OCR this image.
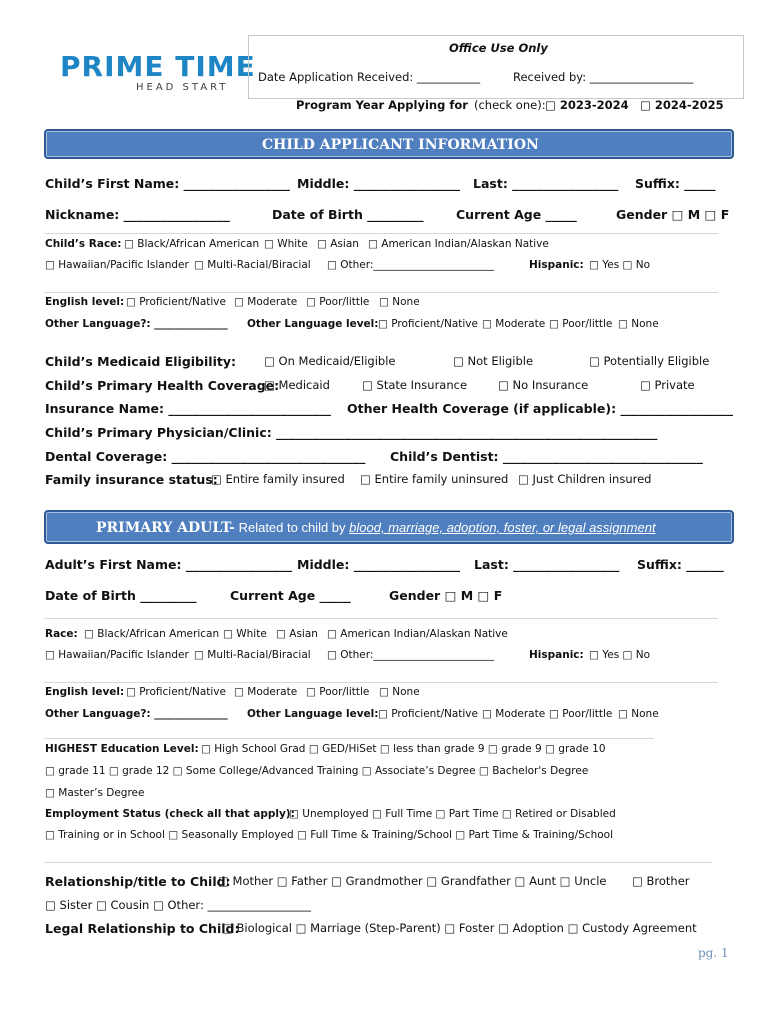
PRIME TIME
HEAD START
Office Use Only
Date Application Received: ___________	Received by: __________________
Program Year Applying for (check one): □ 2023-2024 □ 2024-2025
CHILD APPLICANT INFORMATION
Child’s First Name: _________________ Middle: _________________ Last: _________________ Suffix: _____
Nickname: _________________	Date of Birth _________	Current Age _____	Gender □ M □ F
Child’s Race: □ Black/African American □ White □ Asian □ American Indian/Alaskan Native
□ Hawaiian/Pacific Islander □ Multi-Racial/Biracial □ Other:_______________________	Hispanic: □ Yes □ No
English level: □ Proficient/Native □ Moderate □ Poor/little □ None
Other Language?: ______________ Other Language level: □ Proficient/Native □ Moderate □ Poor/little □ None
Child’s Medicaid Eligibility: □ On Medicaid/Eligible	□ Not Eligible	□ Potentially Eligible
Child’s Primary Health Coverage:
□ Medicaid	□ State Insurance	□ No Insurance	□ Private
Insurance Name: __________________________ Other Health Coverage (if applicable): __________________
Child’s Primary Physician/Clinic: _____________________________________________________________
Dental Coverage: _______________________________ Child’s Dentist: ________________________________
Family insurance status:
□ Entire family insured □ Entire family uninsured □ Just Children insured
PRIMARY ADULT- Related to child by blood, marriage, adoption, foster, or legal assignment
Adult’s First Name: _________________ Middle: _________________ Last: _________________ Suffix: ______
Date of Birth _________	Current Age _____	Gender □ M □ F
Race: □ Black/African American □ White □ Asian □ American Indian/Alaskan Native
□ Hawaiian/Pacific Islander □ Multi-Racial/Biracial □ Other:_______________________	Hispanic: □ Yes □ No
English level: □ Proficient/Native □ Moderate □ Poor/little □ None
Other Language?: ______________ Other Language level: □ Proficient/Native □ Moderate □ Poor/little □ None
HIGHEST Education Level: □ High School Grad □ GED/HiSet □ less than grade 9 □ grade 9 □ grade 10
□ grade 11 □ grade 12 □ Some College/Advanced Training □ Associate’s Degree □ Bachelor's Degree
□ Master’s Degree
Employment Status (check all that apply):
□ Unemployed □ Full Time □ Part Time □ Retired or Disabled
□ Training or in School □ Seasonally Employed □ Full Time & Training/School □ Part Time & Training/School
Relationship/title to Child:
□ Mother □ Father □ Grandmother □ Grandfather □ Aunt □ Uncle □ Brother
□ Sister □ Cousin □ Other: __________________
Legal Relationship to Child:
□ Biological □ Marriage (Step-Parent) □ Foster □ Adoption □ Custody Agreement
pg. 1
